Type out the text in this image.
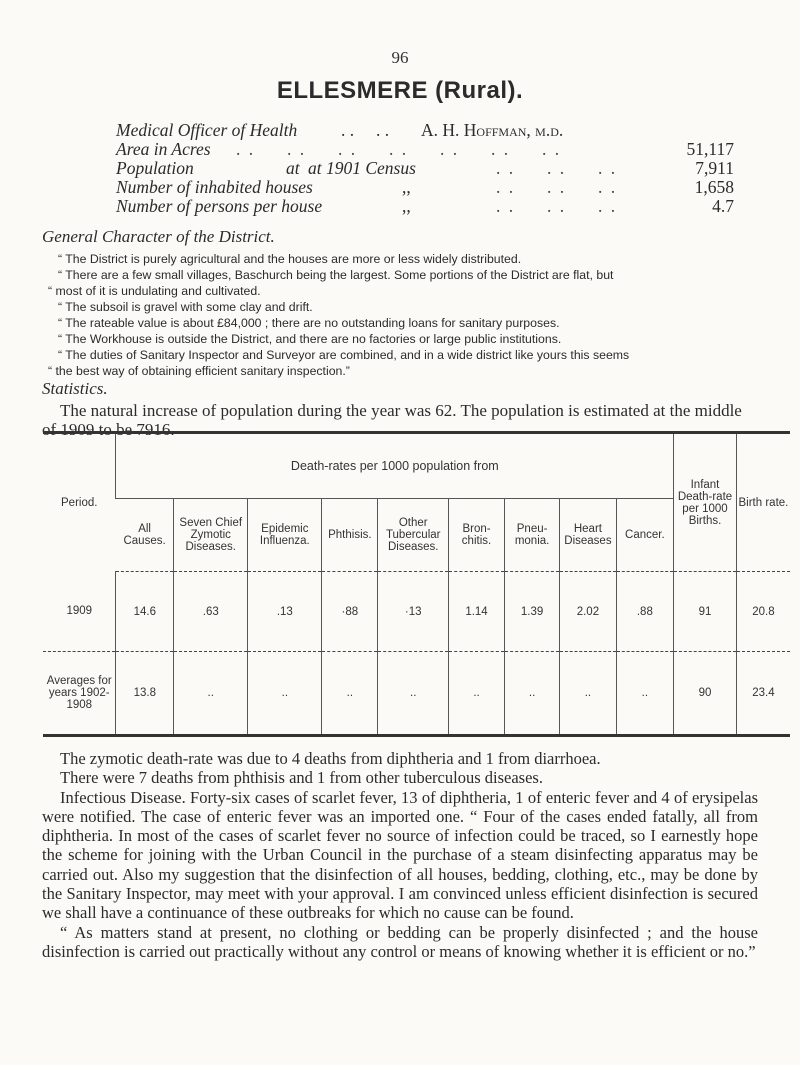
96
ELLESMERE (Rural).
Medical Officer of Health . .     . . A. H. Hoffman, m.d.
Area in Acres . .     . .     . .     . .     . .     . .     . .	51,117
Population	at at 1901 Census	. .     . .     . .	7,911
Number of inhabited houses	,,	. .     . .     . .	1,658
Number of persons per house	,,	. .     . .     . .	4.7
General Character of the District.

“ The District is purely agricultural and the houses are more or less widely distributed.

“ There are a few small villages, Baschurch being the largest. Some portions of the District are flat, but

“ most of it is undulating and cultivated.

“ The subsoil is gravel with some clay and drift.

“ The rateable value is about £84,000 ; there are no outstanding loans for sanitary purposes.

“ The Workhouse is outside the District, and there are no factories or large public institutions.

“ The duties of Sanitary Inspector and Surveyor are combined, and in a wide district like yours this seems

“ the best way of obtaining efficient sanitary inspection.”

Statistics.

The natural increase of population during the year was 62. The population is estimated at the middle of 1909 to be 7916.

Period.	Death-rates per 1000 population from									Infant Death-rate per 1000 Births.	Birth rate.
	All Causes.	Seven Chief Zymotic Diseases.	Epidemic Influenza.	Phthisis.	Other Tubercular Diseases.	Bron-chitis.	Pneu-monia.	Heart Diseases	Cancer.		
1909	14.6	.63	.13	·88	·13	1.14	1.39	2.02	.88	91	20.8
Averages for years 1902-1908	13.8	..	..	..	..	..	..	..	..	90	23.4

The zymotic death-rate was due to 4 deaths from diphtheria and 1 from diarrhoea.

There were 7 deaths from phthisis and 1 from other tuberculous diseases.

Infectious Disease. Forty-six cases of scarlet fever, 13 of diphtheria, 1 of enteric fever and 4 of erysipelas were notified. The case of enteric fever was an imported one. “ Four of the cases ended fatally, all from diphtheria. In most of the cases of scarlet fever no source of infection could be traced, so I earnestly hope the scheme for joining with the Urban Council in the purchase of a steam disinfecting apparatus may be carried out. Also my suggestion that the disinfection of all houses, bedding, clothing, etc., may be done by the Sanitary Inspector, may meet with your approval. I am convinced unless efficient disinfection is secured we shall have a continuance of these outbreaks for which no cause can be found.

“ As matters stand at present, no clothing or bedding can be properly disinfected ; and the house disinfection is carried out practically without any control or means of knowing whether it is efficient or no.”
